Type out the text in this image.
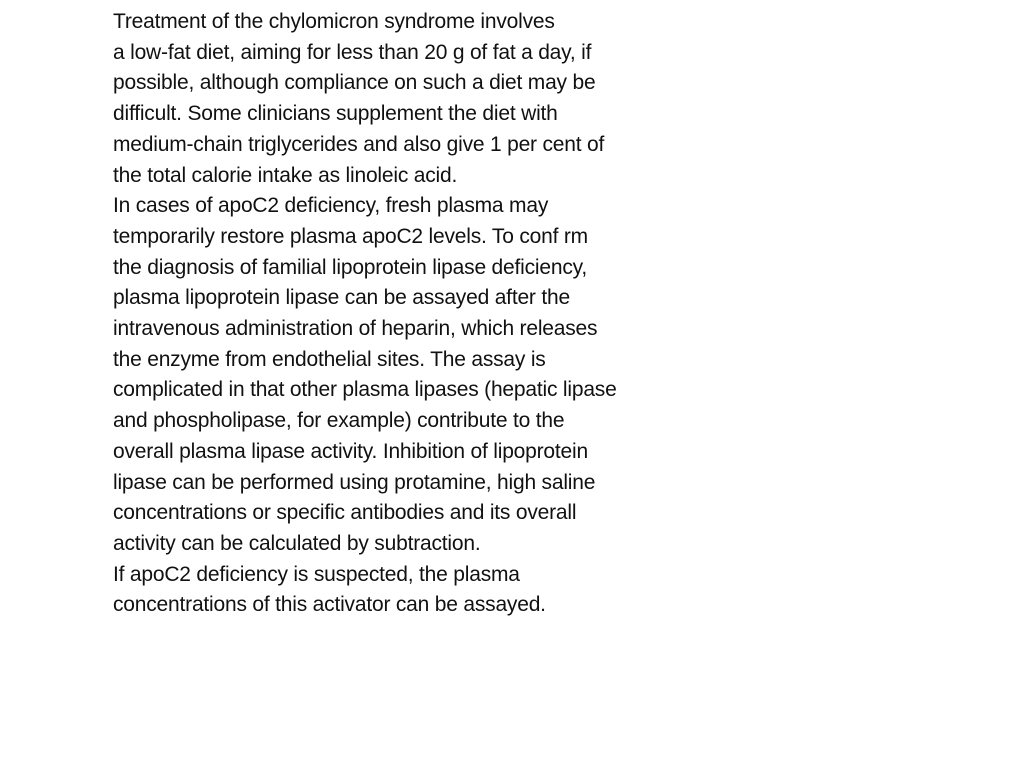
Treatment of the chylomicron syndrome involves
a low-fat diet, aiming for less than 20 g of fat a day, if
possible, although compliance on such a diet may be
difficult. Some clinicians supplement the diet with
medium-chain triglycerides and also give 1 per cent of
the total calorie intake as linoleic acid.
In cases of apoC2 deficiency, fresh plasma may
temporarily restore plasma apoC2 levels. To conf rm
the diagnosis of familial lipoprotein lipase deficiency,
plasma lipoprotein lipase can be assayed after the
intravenous administration of heparin, which releases
the enzyme from endothelial sites. The assay is
complicated in that other plasma lipases (hepatic lipase
and phospholipase, for example) contribute to the
overall plasma lipase activity. Inhibition of lipoprotein
lipase can be performed using protamine, high saline
concentrations or specific antibodies and its overall
activity can be calculated by subtraction.
If apoC2 deficiency is suspected, the plasma
concentrations of this activator can be assayed.
